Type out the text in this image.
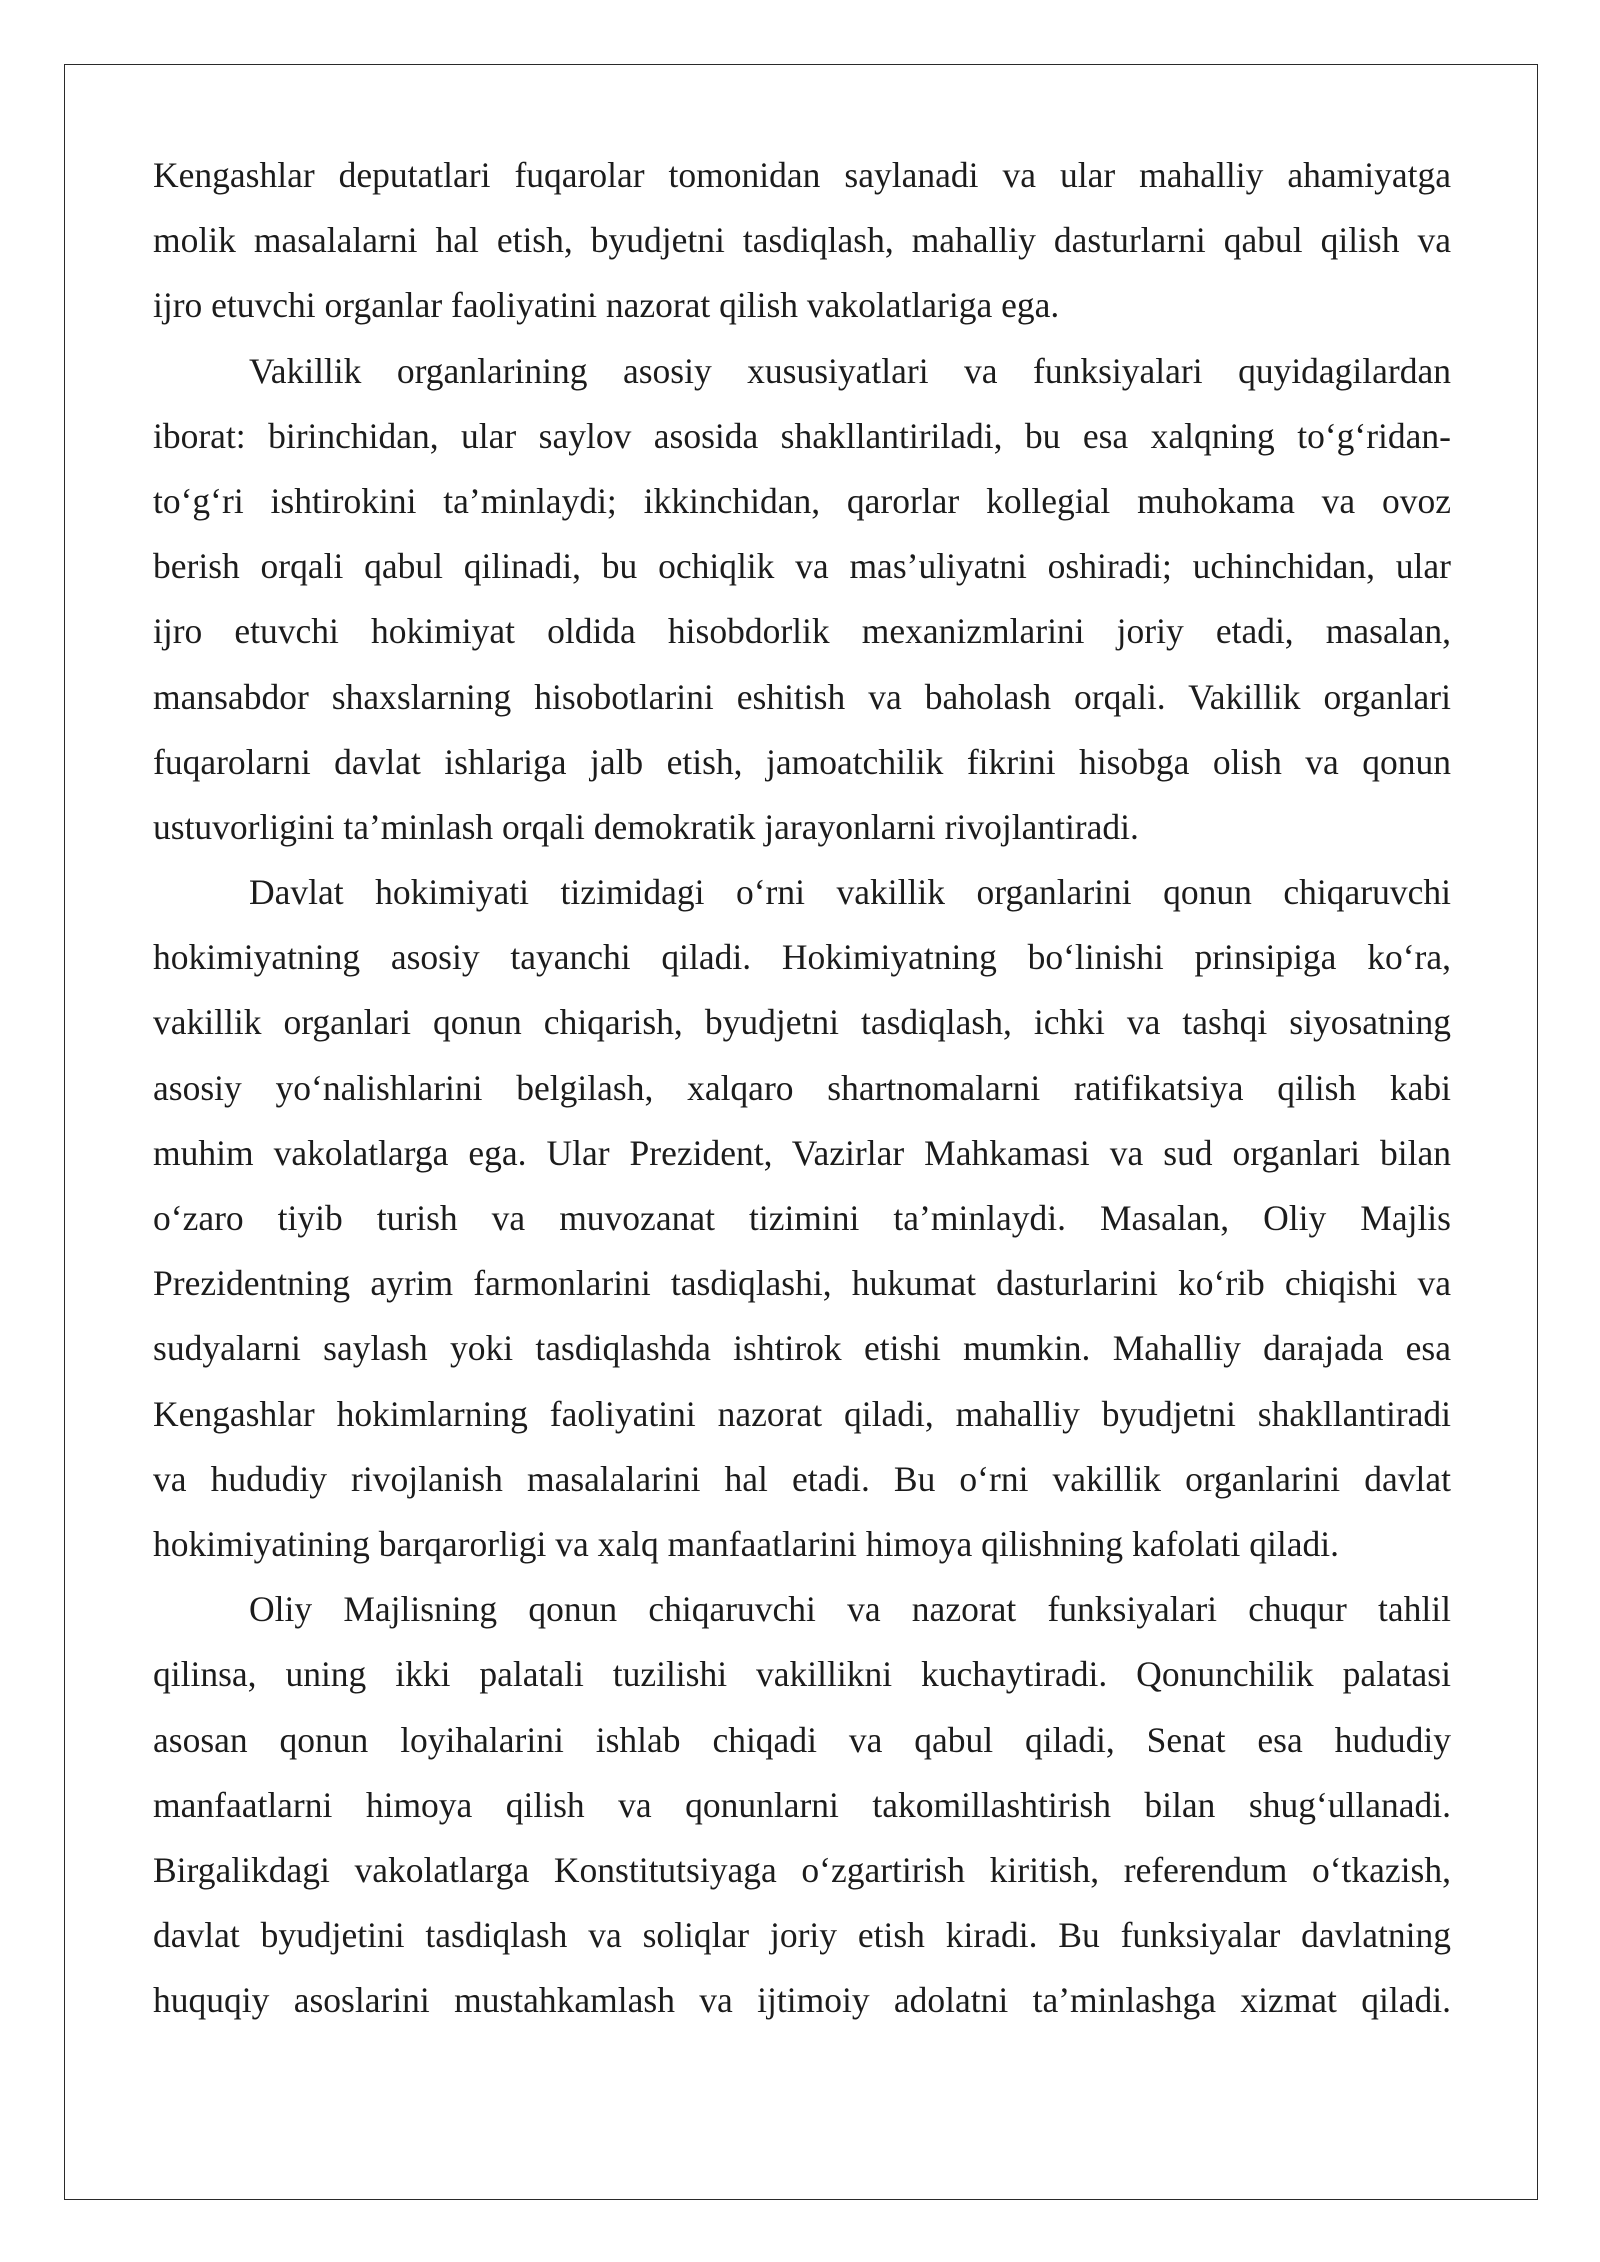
Kengashlar deputatlari fuqarolar tomonidan saylanadi va ular mahalliy ahamiyatga
molik masalalarni hal etish, byudjetni tasdiqlash, mahalliy dasturlarni qabul qilish va
ijro etuvchi organlar faoliyatini nazorat qilish vakolatlariga ega.
Vakillik organlarining asosiy xususiyatlari va funksiyalari quyidagilardan
iborat: birinchidan, ular saylov asosida shakllantiriladi, bu esa xalqning to‘g‘ridan-
to‘g‘ri ishtirokini ta’minlaydi; ikkinchidan, qarorlar kollegial muhokama va ovoz
berish orqali qabul qilinadi, bu ochiqlik va mas’uliyatni oshiradi; uchinchidan, ular
ijro etuvchi hokimiyat oldida hisobdorlik mexanizmlarini joriy etadi, masalan,
mansabdor shaxslarning hisobotlarini eshitish va baholash orqali. Vakillik organlari
fuqarolarni davlat ishlariga jalb etish, jamoatchilik fikrini hisobga olish va qonun
ustuvorligini ta’minlash orqali demokratik jarayonlarni rivojlantiradi.
Davlat hokimiyati tizimidagi o‘rni vakillik organlarini qonun chiqaruvchi
hokimiyatning asosiy tayanchi qiladi. Hokimiyatning bo‘linishi prinsipiga ko‘ra,
vakillik organlari qonun chiqarish, byudjetni tasdiqlash, ichki va tashqi siyosatning
asosiy yo‘nalishlarini belgilash, xalqaro shartnomalarni ratifikatsiya qilish kabi
muhim vakolatlarga ega. Ular Prezident, Vazirlar Mahkamasi va sud organlari bilan
o‘zaro tiyib turish va muvozanat tizimini ta’minlaydi. Masalan, Oliy Majlis
Prezidentning ayrim farmonlarini tasdiqlashi, hukumat dasturlarini ko‘rib chiqishi va
sudyalarni saylash yoki tasdiqlashda ishtirok etishi mumkin. Mahalliy darajada esa
Kengashlar hokimlarning faoliyatini nazorat qiladi, mahalliy byudjetni shakllantiradi
va hududiy rivojlanish masalalarini hal etadi. Bu o‘rni vakillik organlarini davlat
hokimiyatining barqarorligi va xalq manfaatlarini himoya qilishning kafolati qiladi.
Oliy Majlisning qonun chiqaruvchi va nazorat funksiyalari chuqur tahlil
qilinsa, uning ikki palatali tuzilishi vakillikni kuchaytiradi. Qonunchilik palatasi
asosan qonun loyihalarini ishlab chiqadi va qabul qiladi, Senat esa hududiy
manfaatlarni himoya qilish va qonunlarni takomillashtirish bilan shug‘ullanadi.
Birgalikdagi vakolatlarga Konstitutsiyaga o‘zgartirish kiritish, referendum o‘tkazish,
davlat byudjetini tasdiqlash va soliqlar joriy etish kiradi. Bu funksiyalar davlatning
huquqiy asoslarini mustahkamlash va ijtimoiy adolatni ta’minlashga xizmat qiladi.
